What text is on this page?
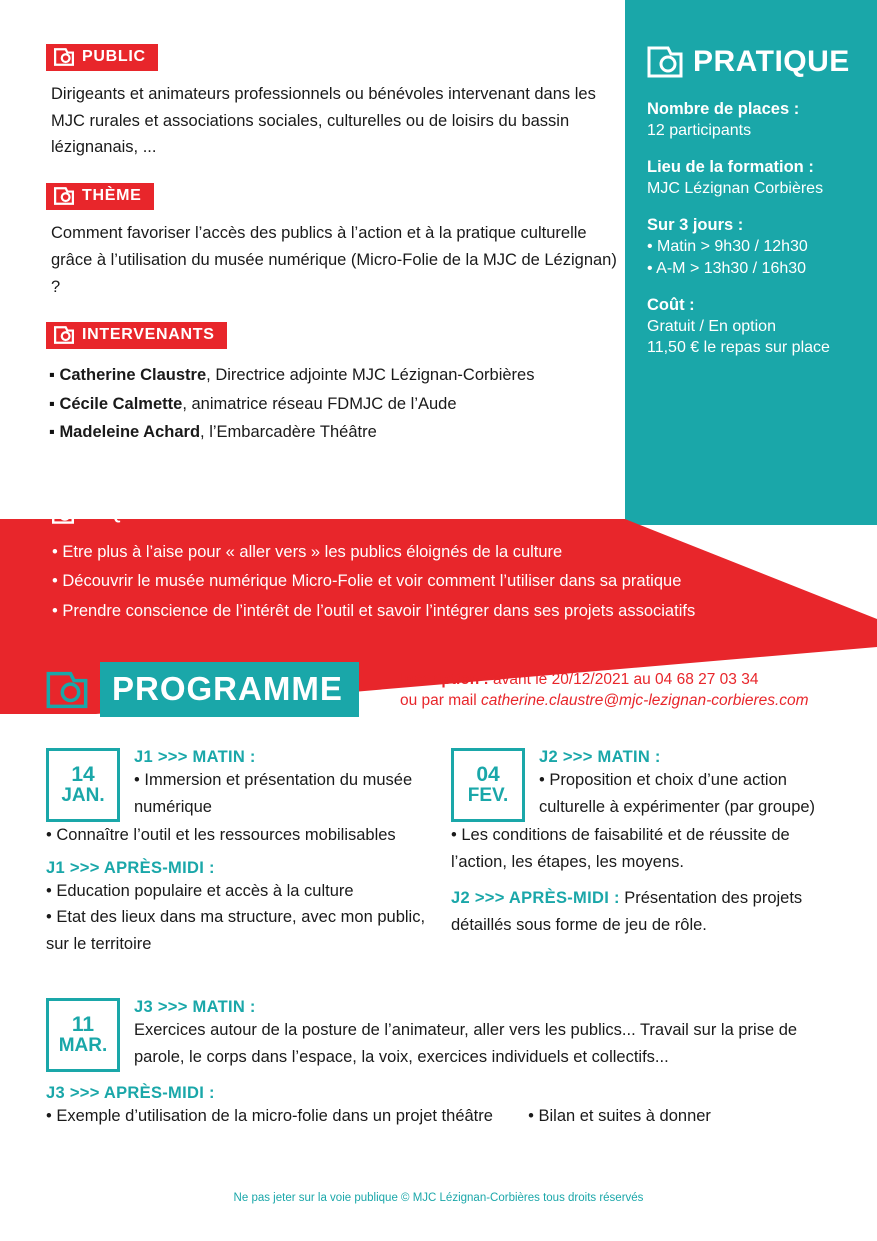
PRATIQUE
Nombre de places :
12 participants
Lieu de la formation :
MJC Lézignan Corbières
Sur 3 jours :
• Matin > 9h30 / 12h30
• A-M > 13h30 / 16h30
Coût :
Gratuit / En option
11,50 € le repas sur place
PUBLIC
Dirigeants et animateurs professionnels ou bénévoles intervenant dans les MJC rurales et associations sociales, culturelles ou de loisirs du bassin lézignanais, ...
THÈME
Comment favoriser l’accès des publics à l’action et à la pratique culturelle grâce à l’utilisation du musée numérique (Micro-Folie de la MJC de Lézignan) ?
INTERVENANTS
▪ Catherine Claustre, Directrice adjointe MJC Lézignan-Corbières
▪ Cécile Calmette, animatrice réseau FDMJC de l’Aude
▪ Madeleine Achard, l’Embarcadère Théâtre
ACQUISITIONS VISÉES
• Etre plus à l’aise pour « aller vers » les publics éloignés de la culture
• Découvrir le musée numérique Micro-Folie et voir comment l’utiliser dans sa pratique
• Prendre conscience de l’intérêt de l’outil et savoir l’intégrer dans ses projets associatifs
PROGRAMME	Inscription : avant le 20/12/2021 au 04 68 27 03 34
ou par mail catherine.claustre@mjc-lezignan-corbieres.com
14
JAN.
J1 >>> MATIN :
• Immersion et présentation du musée numérique
• Connaître l’outil et les ressources mobilisables
J1 >>> APRÈS-MIDI :
• Education populaire et accès à la culture
• Etat des lieux dans ma structure, avec mon public, sur le territoire
04
FEV.
J2 >>> MATIN :
• Proposition et choix d’une action culturelle à expérimenter (par groupe)
• Les conditions de faisabilité et de réussite de l’action, les étapes, les moyens.
J2 >>> APRÈS-MIDI : Présentation des projets détaillés sous forme de jeu de rôle.
11
MAR.
J3 >>> MATIN :
Exercices autour de la posture de l’animateur, aller vers les publics... Travail sur la prise de parole, le corps dans l’espace, la voix, exercices individuels et collectifs...
J3 >>> APRÈS-MIDI :
• Exemple d’utilisation de la micro-folie dans un projet théâtre • Bilan et suites à donner
Ne pas jeter sur la voie publique © MJC Lézignan-Corbières tous droits réservés
